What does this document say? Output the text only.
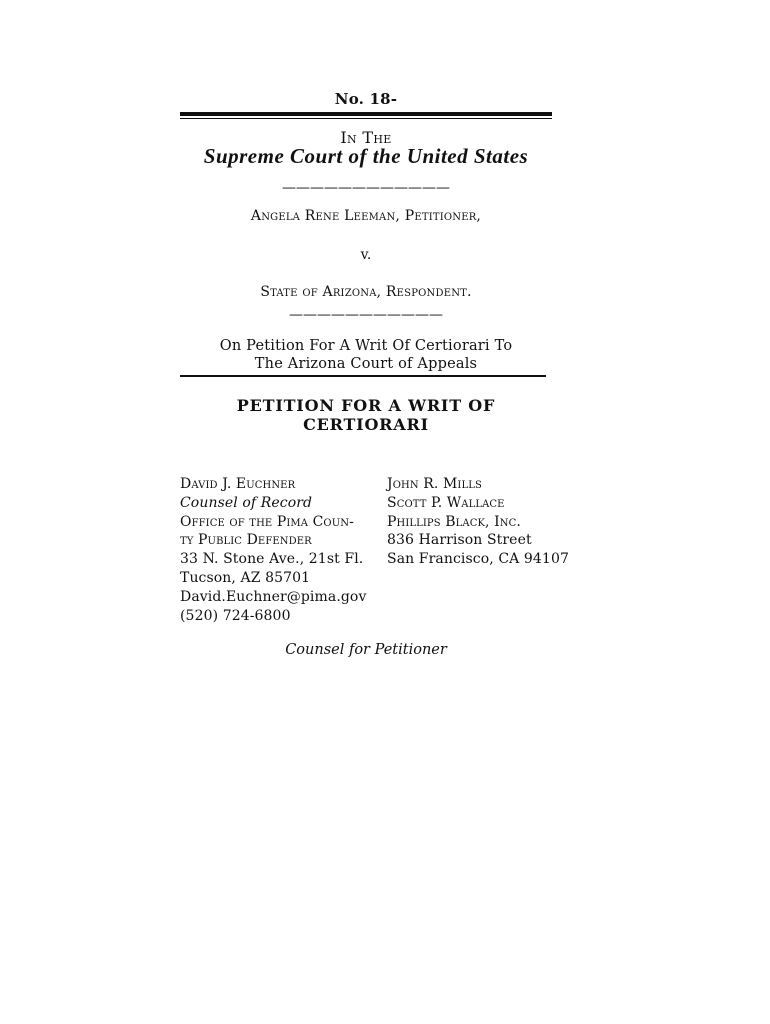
No. 18-
In The
Supreme Court of the United States
————————————
Angela Rene Leeman, Petitioner,
v.
State of Arizona, Respondent.
———————————
On Petition For A Writ Of Certiorari To
The Arizona Court of Appeals
PETITION FOR A WRIT OF CERTIORARI
David J. Euchner
Counsel of Record
Office of the Pima Coun-
ty Public Defender
33 N. Stone Ave., 21st Fl.
Tucson, AZ 85701
David.Euchner@pima.gov
(520) 724-6800
John R. Mills
Scott P. Wallace
Phillips Black, Inc.
836 Harrison Street
San Francisco, CA 94107
Counsel for Petitioner
